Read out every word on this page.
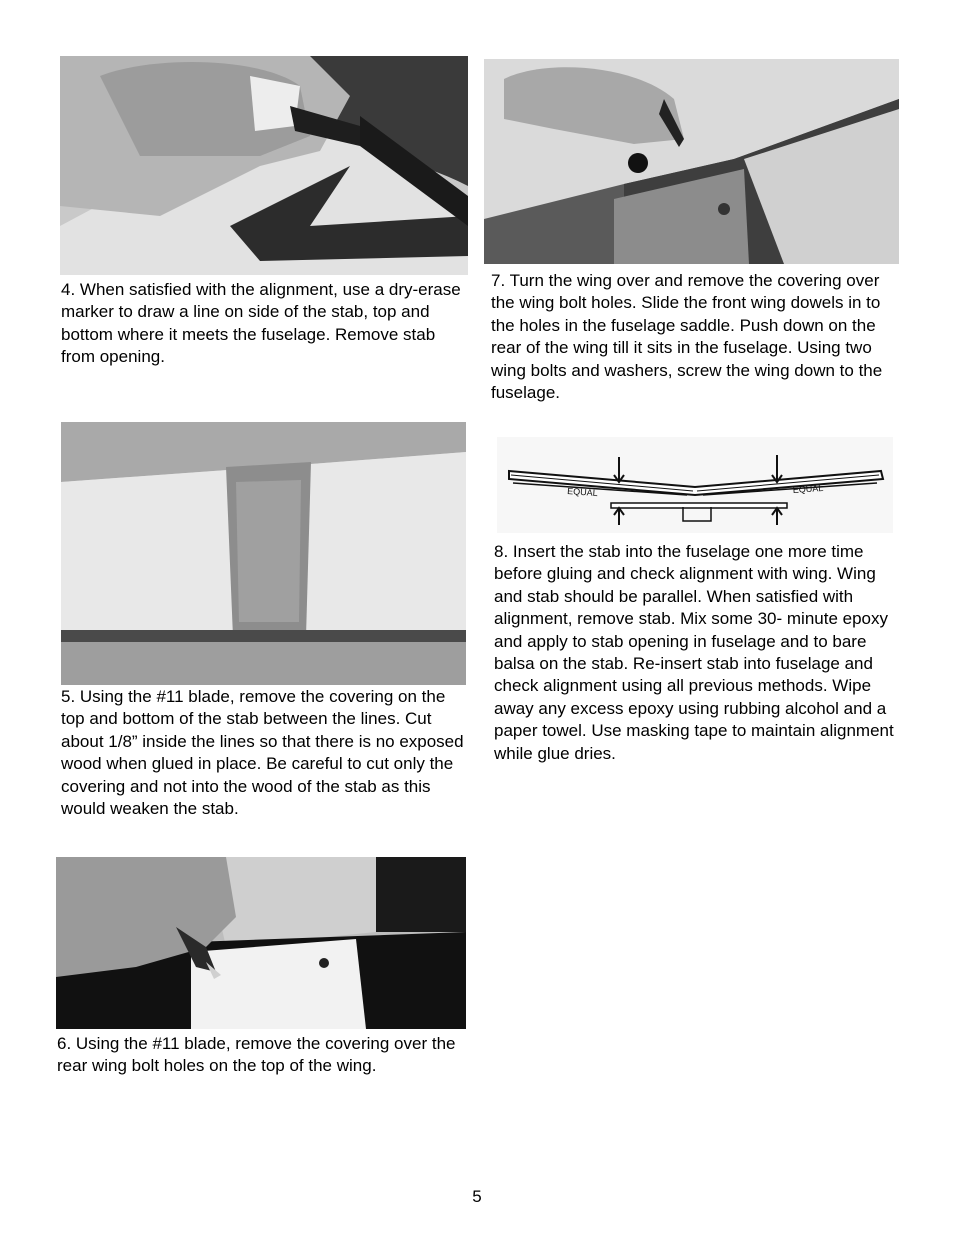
4. When satisfied with the alignment, use a dry-erase marker to draw a line on side of the stab, top and bottom where it meets the fuselage. Remove stab from opening.

7. Turn the wing over and remove the covering over the wing bolt holes. Slide the front wing dowels in to the holes in the fuselage saddle. Push down on the rear of the wing till it sits in the fuselage. Using two wing bolts and washers, screw the wing down to the fuselage.

5. Using the #11 blade, remove the covering on the top and bottom of the stab between the lines. Cut about 1/8” inside the lines so that there is no exposed wood when glued in place. Be careful to cut only the covering and not into the wood of the stab as this would weaken the stab.

EQUAL	EQUAL

8. Insert the stab into the fuselage one more time before gluing and check alignment with wing. Wing and stab should be parallel. When satisfied with alignment, remove stab. Mix some 30- minute epoxy and apply to stab opening in fuselage and to bare balsa on the stab. Re-insert stab into fuselage and check alignment using all previous methods. Wipe away any excess epoxy using rubbing alcohol and a paper towel. Use masking tape to maintain alignment while glue dries.

6. Using the #11 blade, remove the covering over the rear wing bolt holes on the top of the wing.

5
